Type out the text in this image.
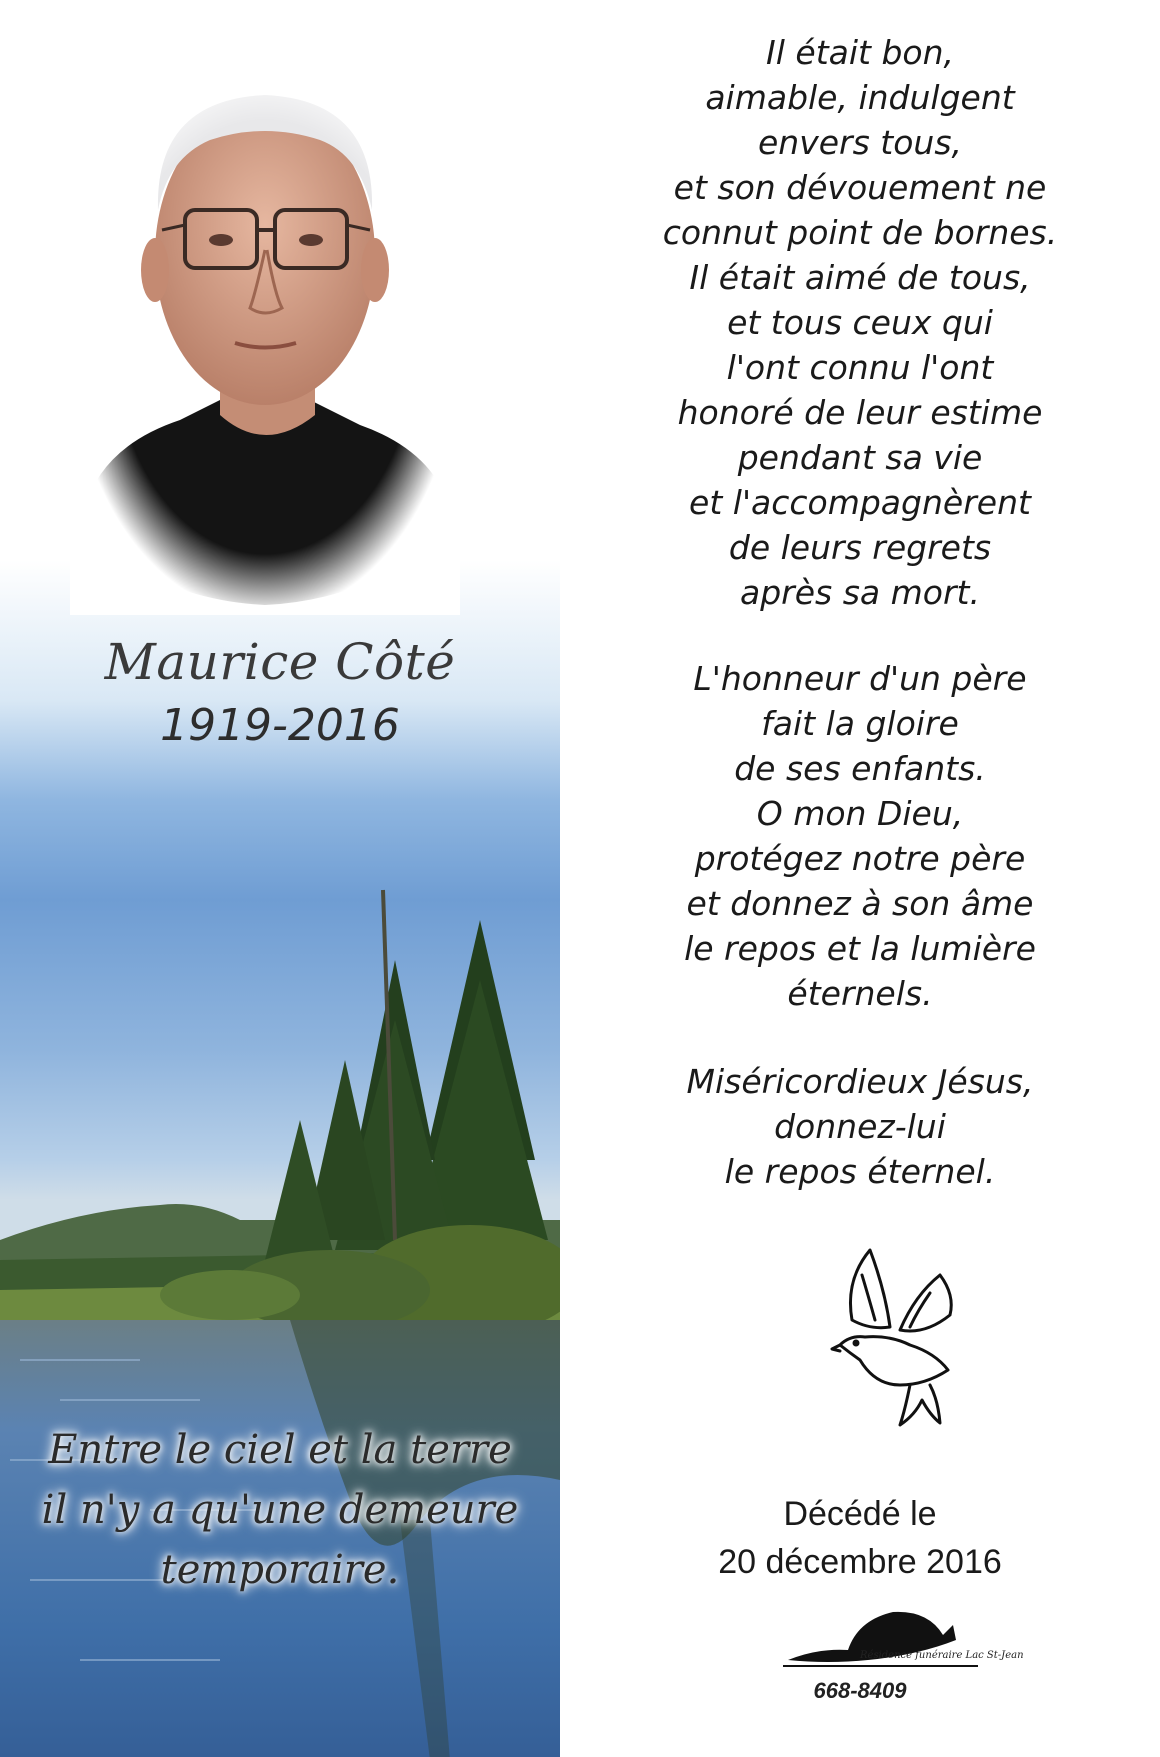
Maurice Côté
1919-2016
Entre le ciel et la terre
il n'y a qu'une demeure
temporaire.
Il était bon,
aimable, indulgent
envers tous,
et son dévouement ne
connut point de bornes.
Il était aimé de tous,
et tous ceux qui
l'ont connu l'ont
honoré de leur estime
pendant sa vie
et l'accompagnèrent
de leurs regrets
après sa mort.
L'honneur d'un père
fait la gloire
de ses enfants.
O mon Dieu,
protégez notre père
et donnez à son âme
le repos et la lumière
éternels.
Miséricordieux Jésus,
donnez-lui
le repos éternel.
Décédé le
20 décembre 2016
Résidence funéraire Lac St-Jean
668-8409
